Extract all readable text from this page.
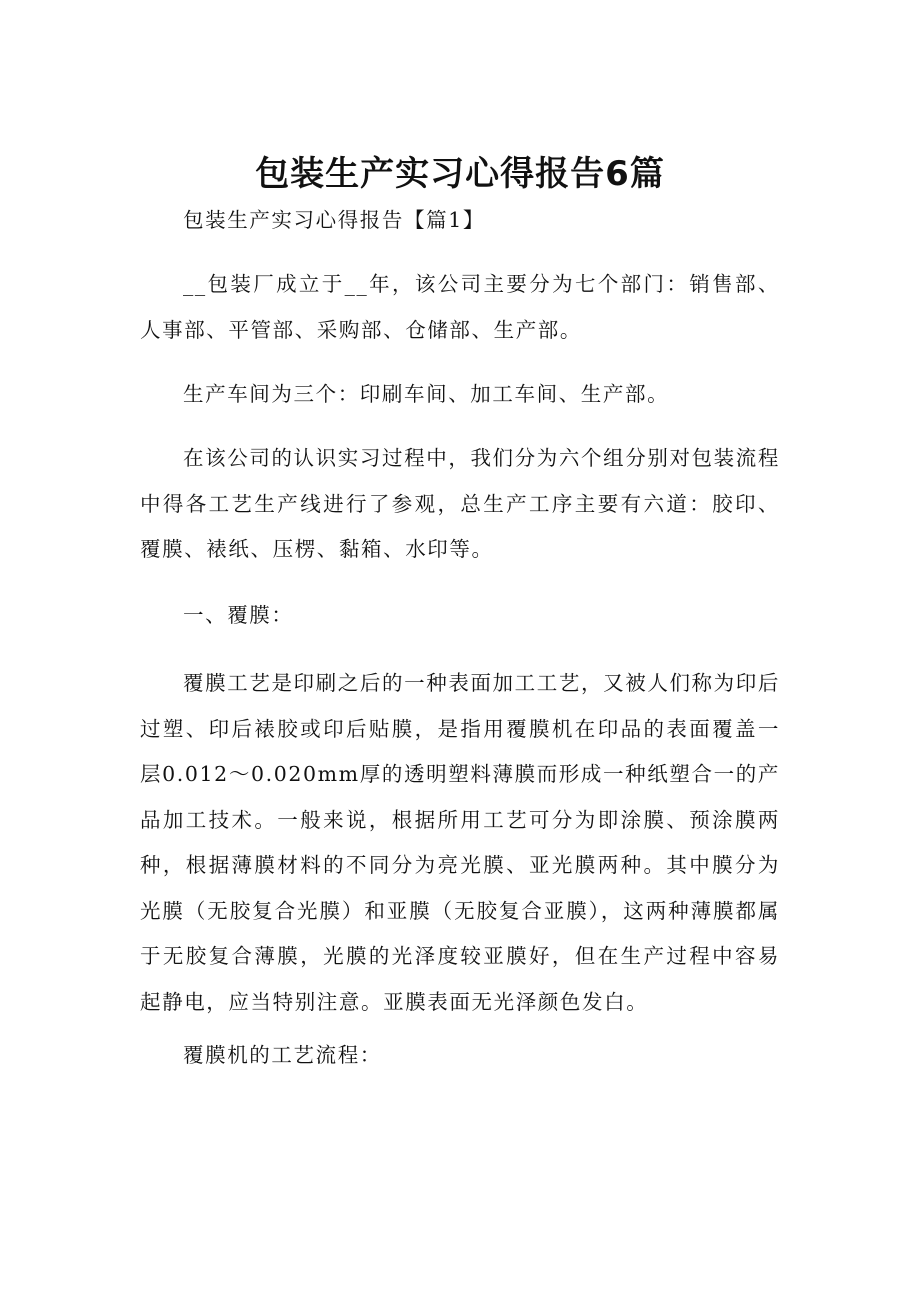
包装生产实习心得报告6篇

包装生产实习心得报告【篇1】

__包装厂成立于__年，该公司主要分为七个部门：销售部、人事部、平管部、采购部、仓储部、生产部。

生产车间为三个：印刷车间、加工车间、生产部。

在该公司的认识实习过程中，我们分为六个组分别对包装流程中得各工艺生产线进行了参观，总生产工序主要有六道：胶印、覆膜、裱纸、压楞、黏箱、水印等。

一、覆膜：

覆膜工艺是印刷之后的一种表面加工工艺，又被人们称为印后过塑、印后裱胶或印后贴膜，是指用覆膜机在印品的表面覆盖一层0.012～0.020mm厚的透明塑料薄膜而形成一种纸塑合一的产品加工技术。一般来说，根据所用工艺可分为即涂膜、预涂膜两种，根据薄膜材料的不同分为亮光膜、亚光膜两种。其中膜分为光膜（无胶复合光膜）和亚膜（无胶复合亚膜），这两种薄膜都属于无胶复合薄膜，光膜的光泽度较亚膜好，但在生产过程中容易起静电，应当特别注意。亚膜表面无光泽颜色发白。

覆膜机的工艺流程：
